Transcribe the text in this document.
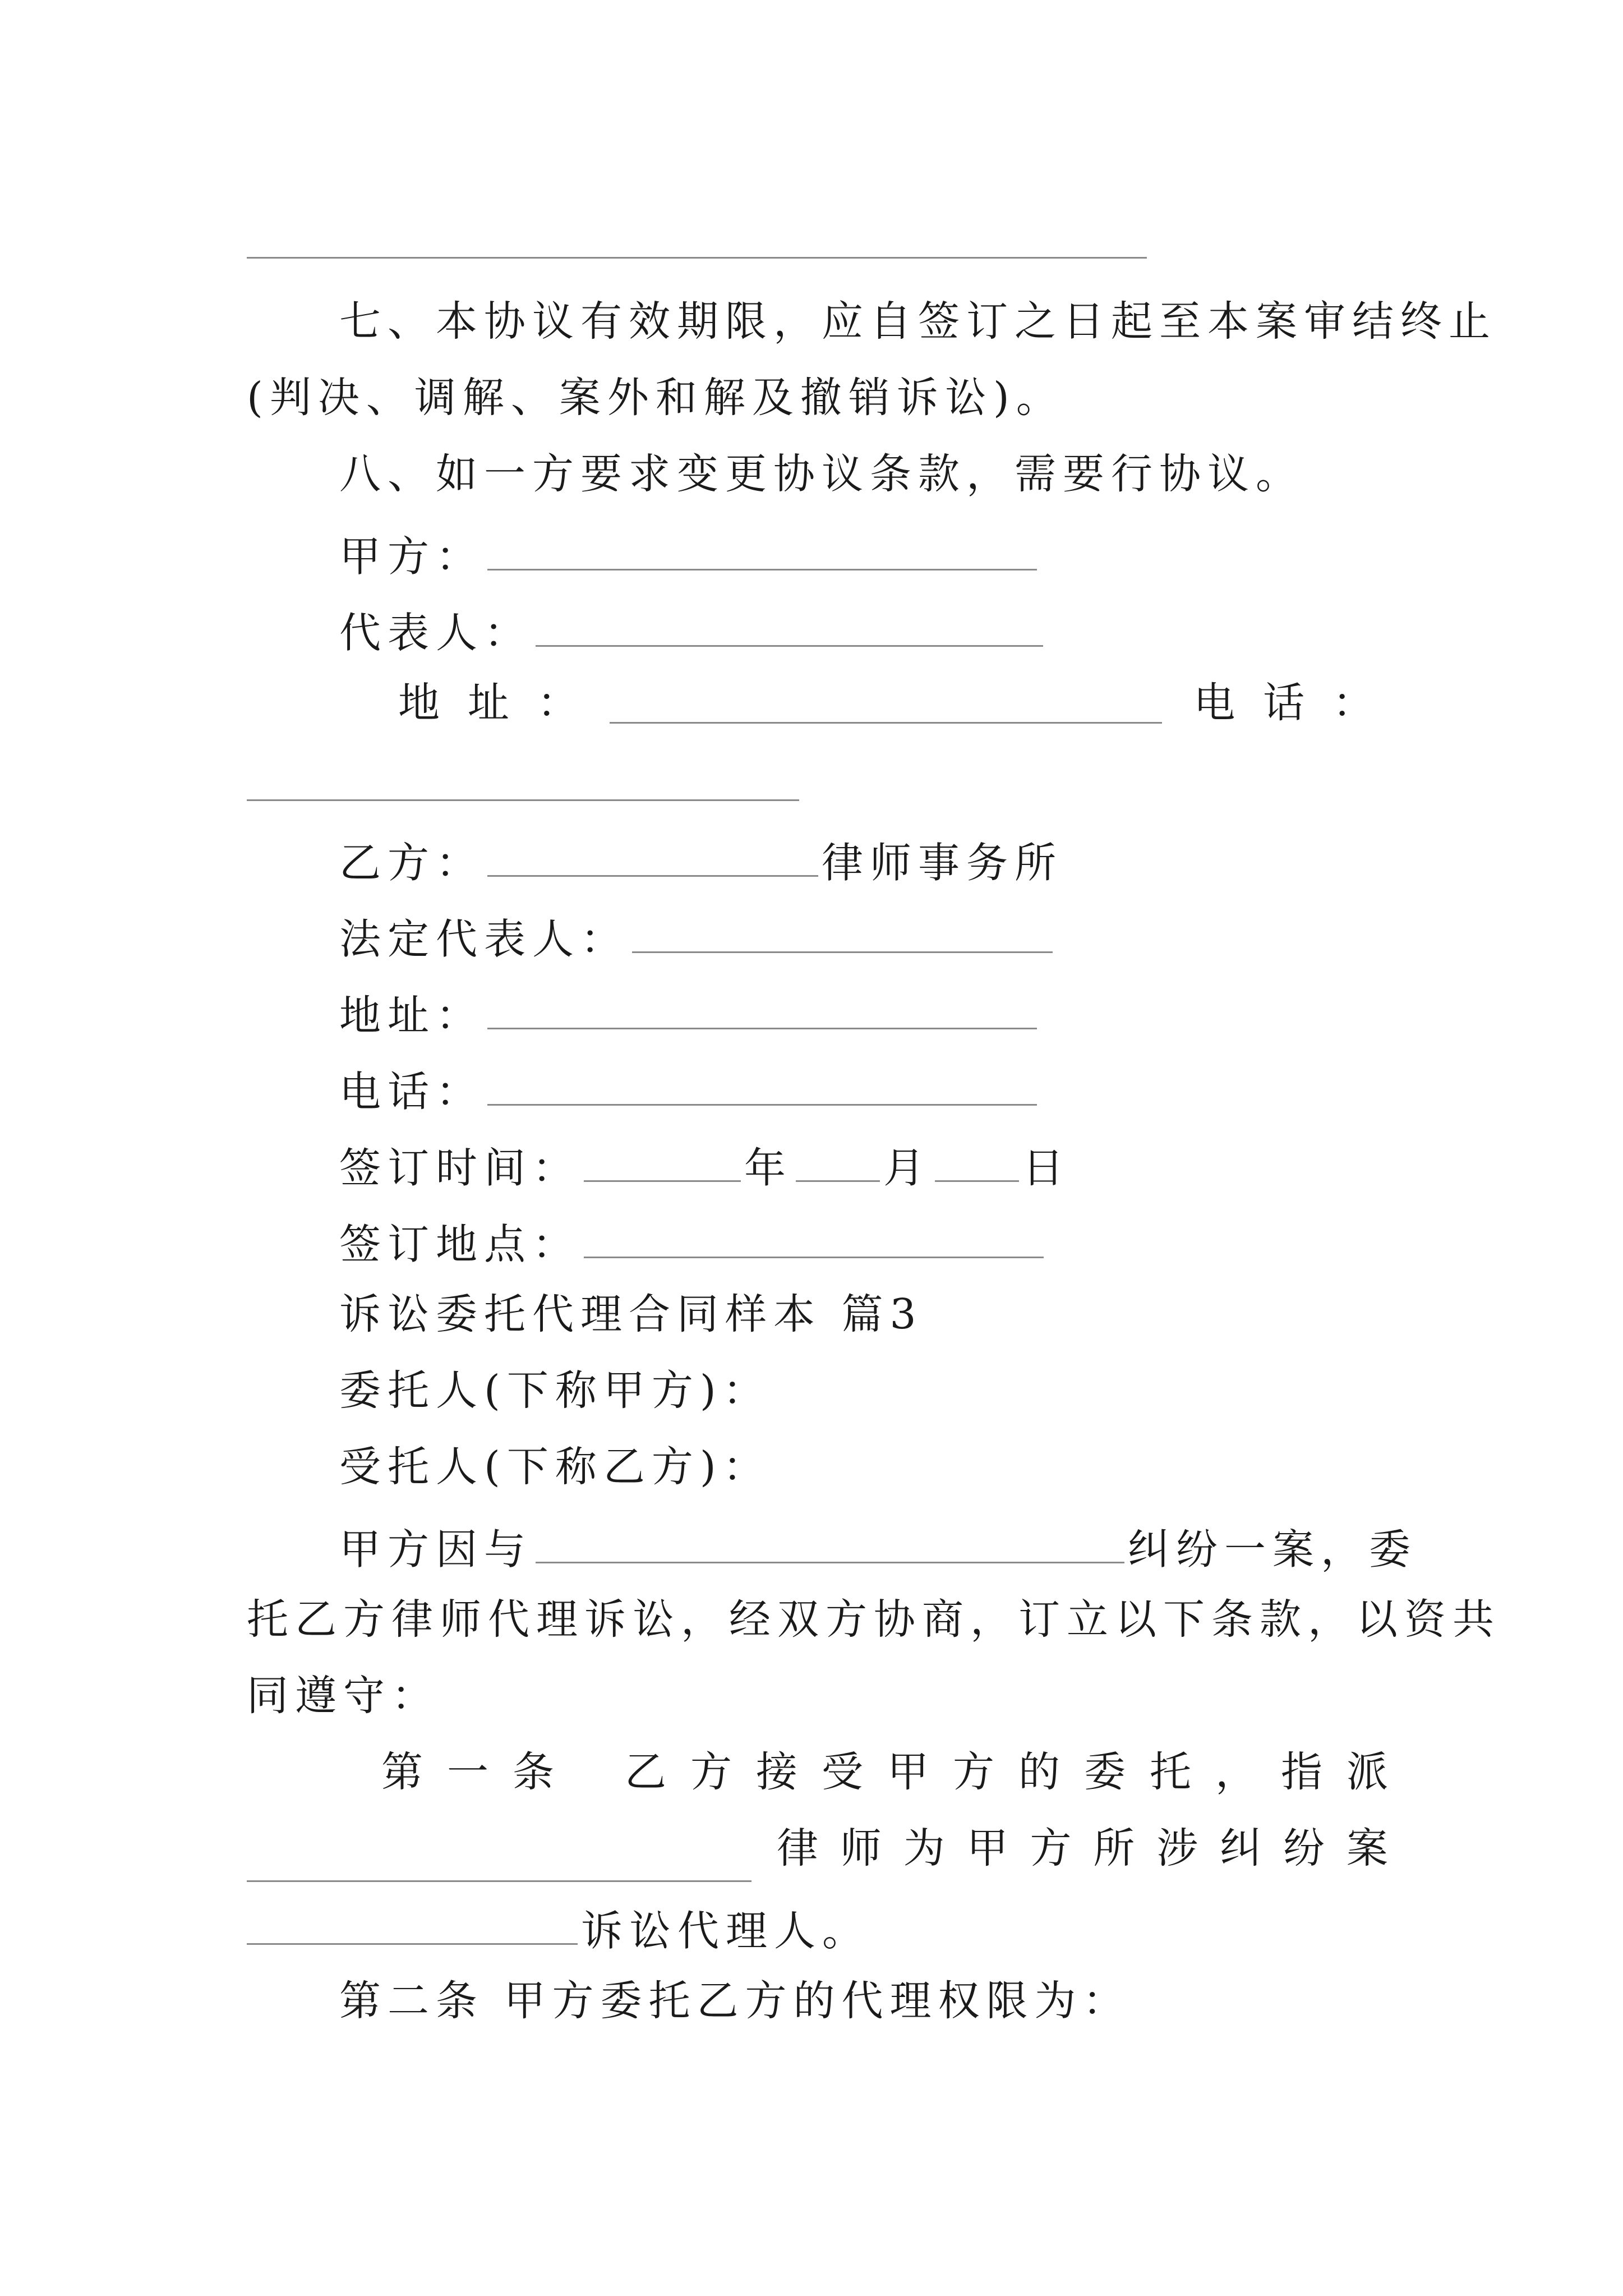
七、本协议有效期限，应自签订之日起至本案审结终止
(判决、调解、案外和解及撤销诉讼)。
八、如一方要求变更协议条款，需要行协议。
甲方：
代表人：
地 址 ：	电 话 ：
乙方：	律师事务所
法定代表人：
地址：
电话：
签订时间：	年 月 日
签订地点：
诉讼委托代理合同样本 篇3
委托人(下称甲方)：
受托人(下称乙方)：
甲方因与	纠纷一案，委
托乙方律师代理诉讼，经双方协商，订立以下条款，以资共
同遵守：
第 一 条 乙 方 接 受 甲 方 的 委 托 ， 指 派
律 师 为 甲 方 所 涉 纠 纷 案
诉讼代理人。
第二条 甲方委托乙方的代理权限为：
